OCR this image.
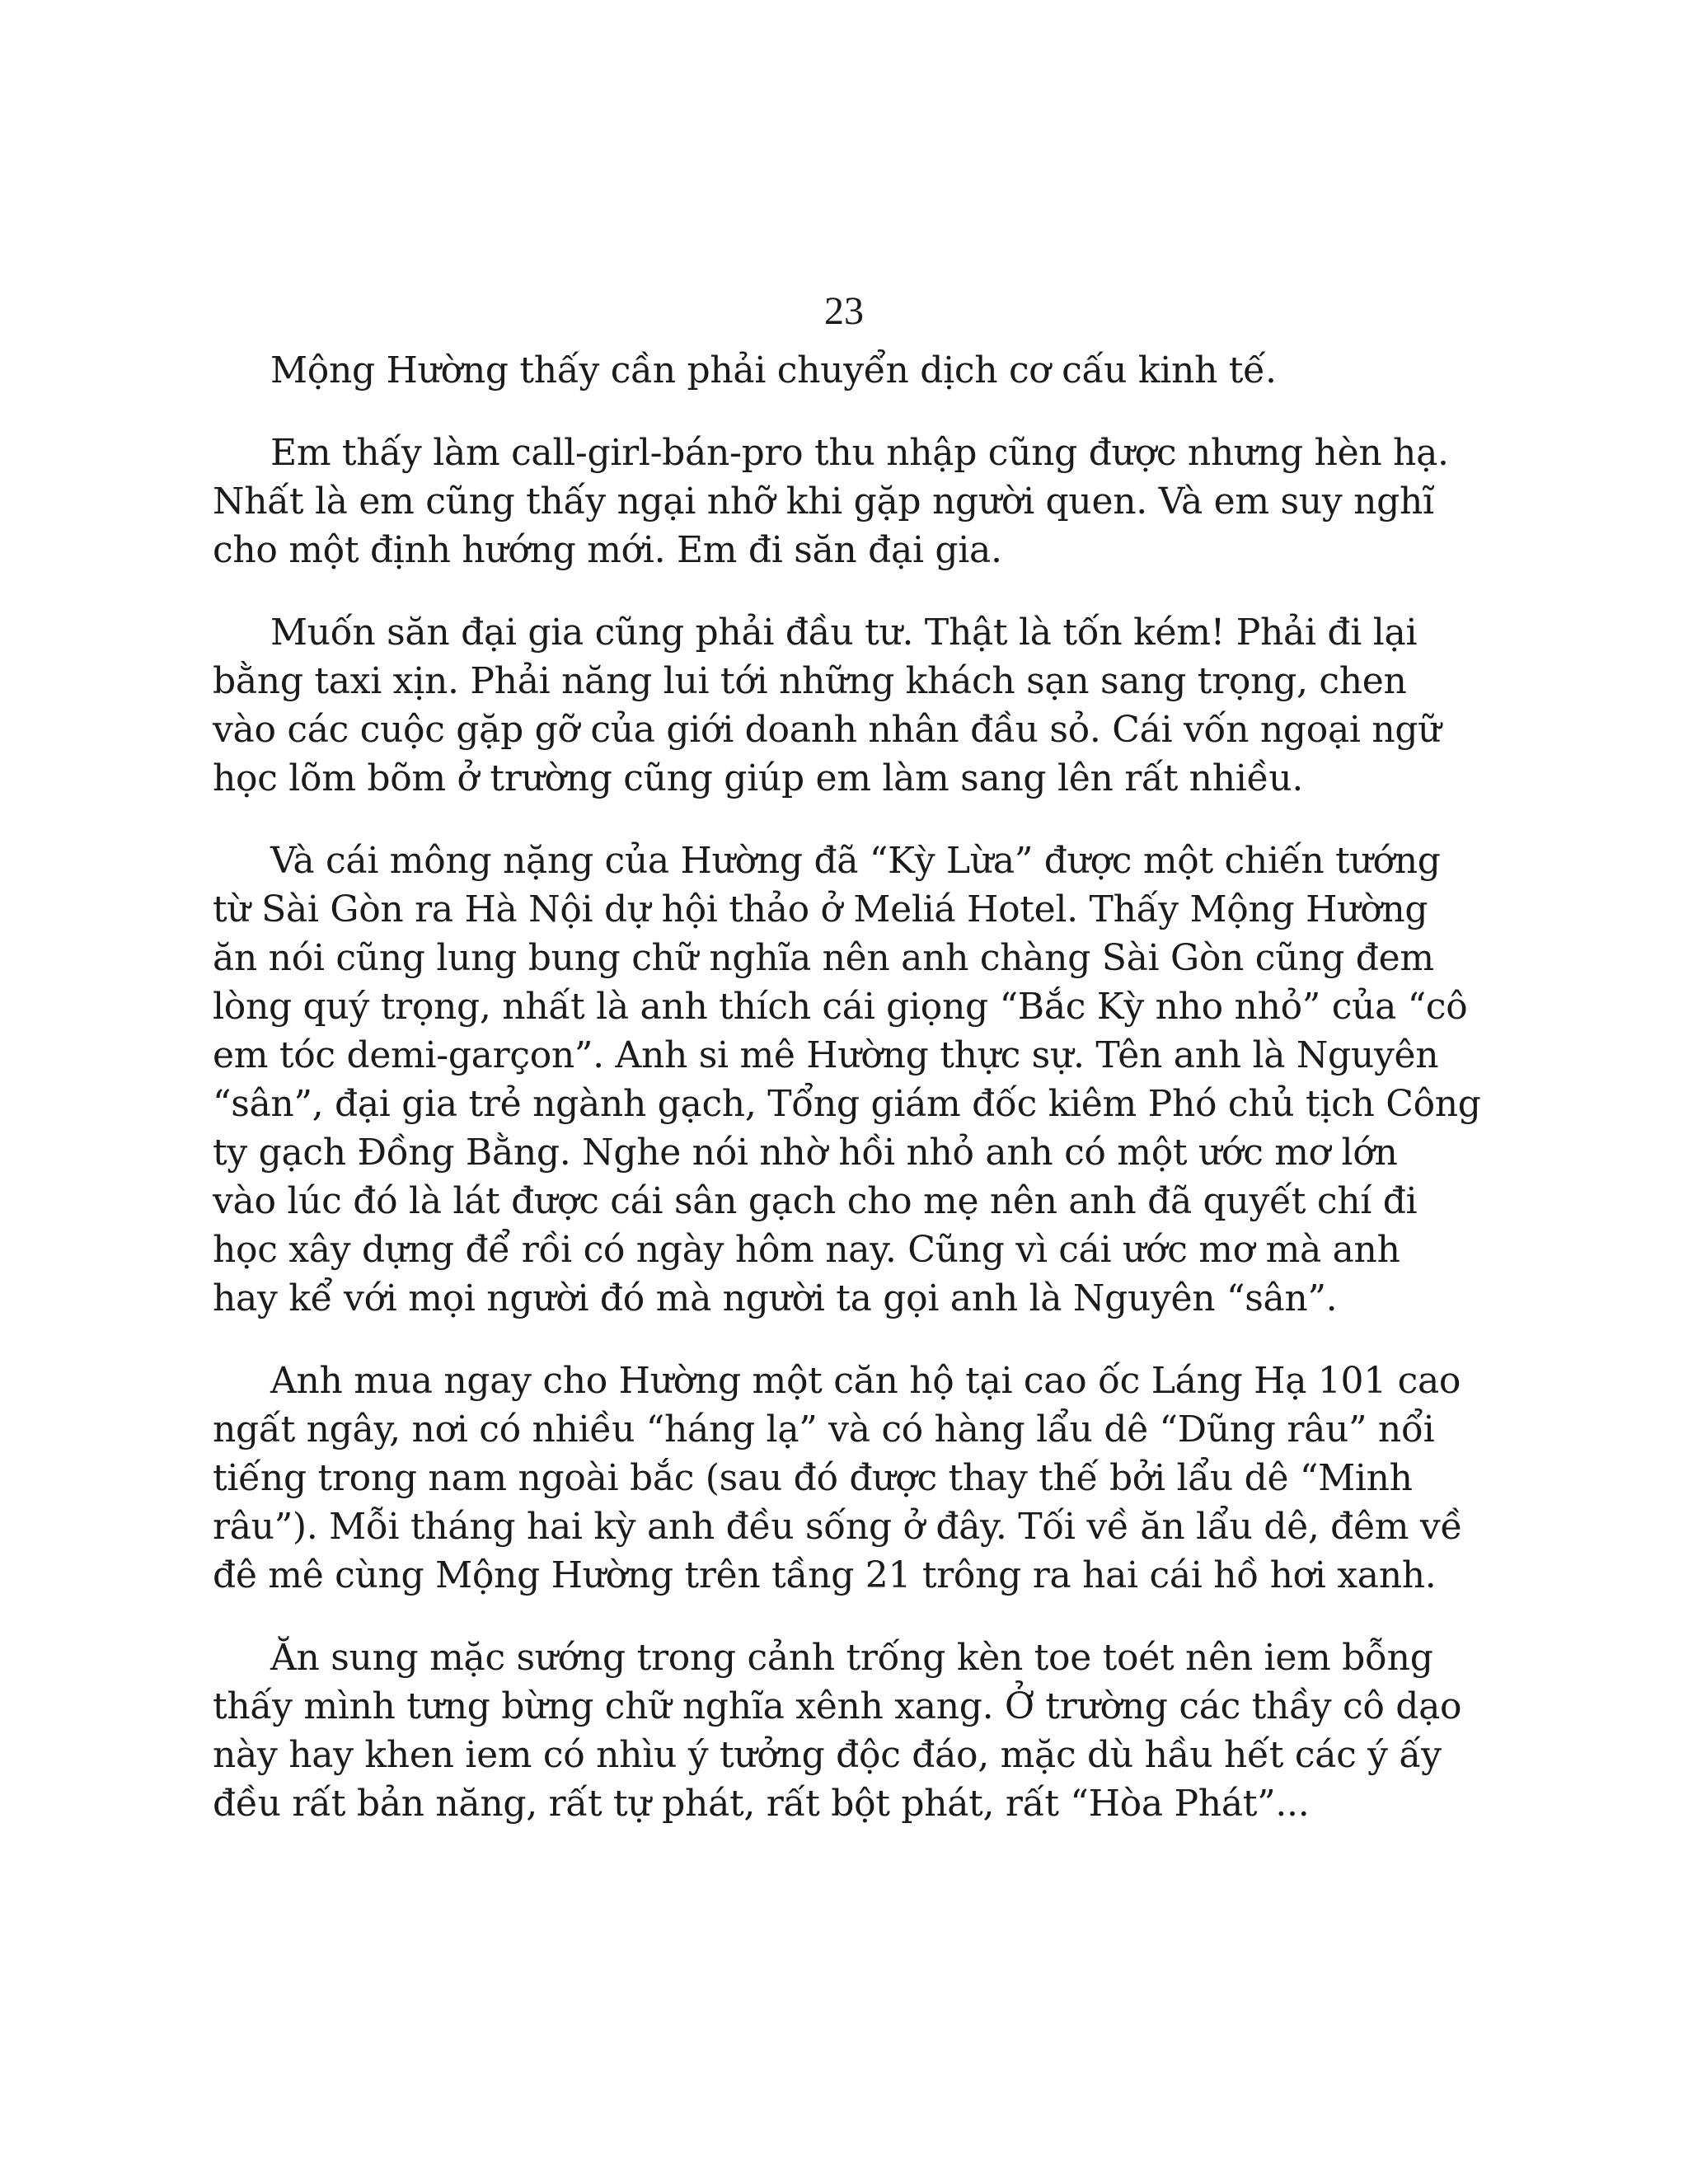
23

Mộng Hường thấy cần phải chuyển dịch cơ cấu kinh tế.

Em thấy làm call-girl-bán-pro thu nhập cũng được nhưng hèn hạ.
Nhất là em cũng thấy ngại nhỡ khi gặp người quen. Và em suy nghĩ
cho một định hướng mới. Em đi săn đại gia.

Muốn săn đại gia cũng phải đầu tư. Thật là tốn kém! Phải đi lại
bằng taxi xịn. Phải năng lui tới những khách sạn sang trọng, chen
vào các cuộc gặp gỡ của giới doanh nhân đầu sỏ. Cái vốn ngoại ngữ
học lõm bõm ở trường cũng giúp em làm sang lên rất nhiều.

Và cái mông nặng của Hường đã “Kỳ Lừa” được một chiến tướng
từ Sài Gòn ra Hà Nội dự hội thảo ở Meliá Hotel. Thấy Mộng Hường
ăn nói cũng lung bung chữ nghĩa nên anh chàng Sài Gòn cũng đem
lòng quý trọng, nhất là anh thích cái giọng “Bắc Kỳ nho nhỏ” của “cô
em tóc demi-garçon”. Anh si mê Hường thực sự. Tên anh là Nguyên
“sân”, đại gia trẻ ngành gạch, Tổng giám đốc kiêm Phó chủ tịch Công
ty gạch Đồng Bằng. Nghe nói nhờ hồi nhỏ anh có một ước mơ lớn
vào lúc đó là lát được cái sân gạch cho mẹ nên anh đã quyết chí đi
học xây dựng để rồi có ngày hôm nay. Cũng vì cái ước mơ mà anh
hay kể với mọi người đó mà người ta gọi anh là Nguyên “sân”.

Anh mua ngay cho Hường một căn hộ tại cao ốc Láng Hạ 101 cao
ngất ngây, nơi có nhiều “háng lạ” và có hàng lẩu dê “Dũng râu” nổi
tiếng trong nam ngoài bắc (sau đó được thay thế bởi lẩu dê “Minh
râu”). Mỗi tháng hai kỳ anh đều sống ở đây. Tối về ăn lẩu dê, đêm về
đê mê cùng Mộng Hường trên tầng 21 trông ra hai cái hồ hơi xanh.

Ăn sung mặc sướng trong cảnh trống kèn toe toét nên iem bỗng
thấy mình tưng bừng chữ nghĩa xênh xang. Ở trường các thầy cô dạo
này hay khen iem có nhìu ý tưởng độc đáo, mặc dù hầu hết các ý ấy
đều rất bản năng, rất tự phát, rất bột phát, rất “Hòa Phát”...
